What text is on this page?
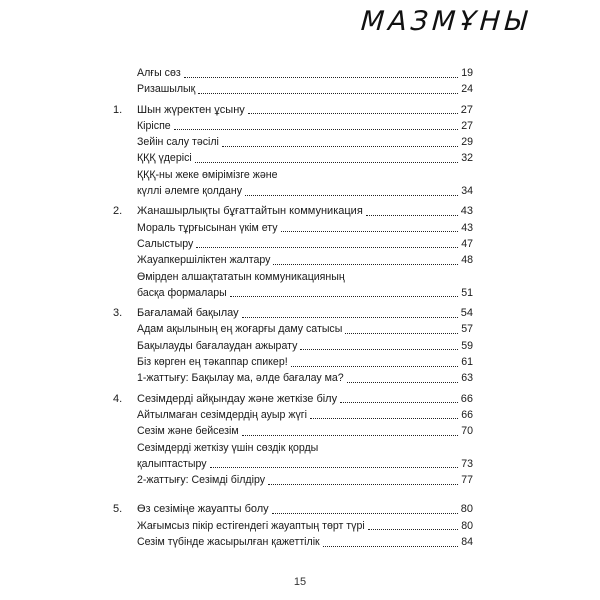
МАЗМҰНЫ
Алғы сөз	19
Ризашылық	24
1. Шын жүректен ұсыну	27
Кіріспе	27
Зейін салу тәсілі	29
ҚҚҚ үдерісі	32
ҚҚҚ-ны жеке өмірімізге және
күллі әлемге қолдану	34
2. Жанашырлықты бұғаттайтын коммуникация	43
Мораль тұрғысынан үкім ету	43
Салыстыру	47
Жауапкершіліктен жалтару	48
Өмірден алшақтататын коммуникацияның
басқа формалары	51
3. Бағаламай бақылау	54
Адам ақылының ең жоғарғы даму сатысы	57
Бақылауды бағалаудан ажырату	59
Біз көрген ең тәкаппар спикер!	61
1-жаттығу: Бақылау ма, әлде бағалау ма?	63
4. Сезімдерді айқындау және жеткізе білу	66
Айтылмаған сезімдердің ауыр жүгі	66
Сезім және бейсезім	70
Сезімдерді жеткізу үшін сөздік қорды
қалыптастыру	73
2-жаттығу: Сезімді білдіру	77
5. Өз сезіміңе жауапты болу	80
Жағымсыз пікір естігендегі жауаптың төрт түрі	80
Сезім түбінде жасырылған қажеттілік	84
15
